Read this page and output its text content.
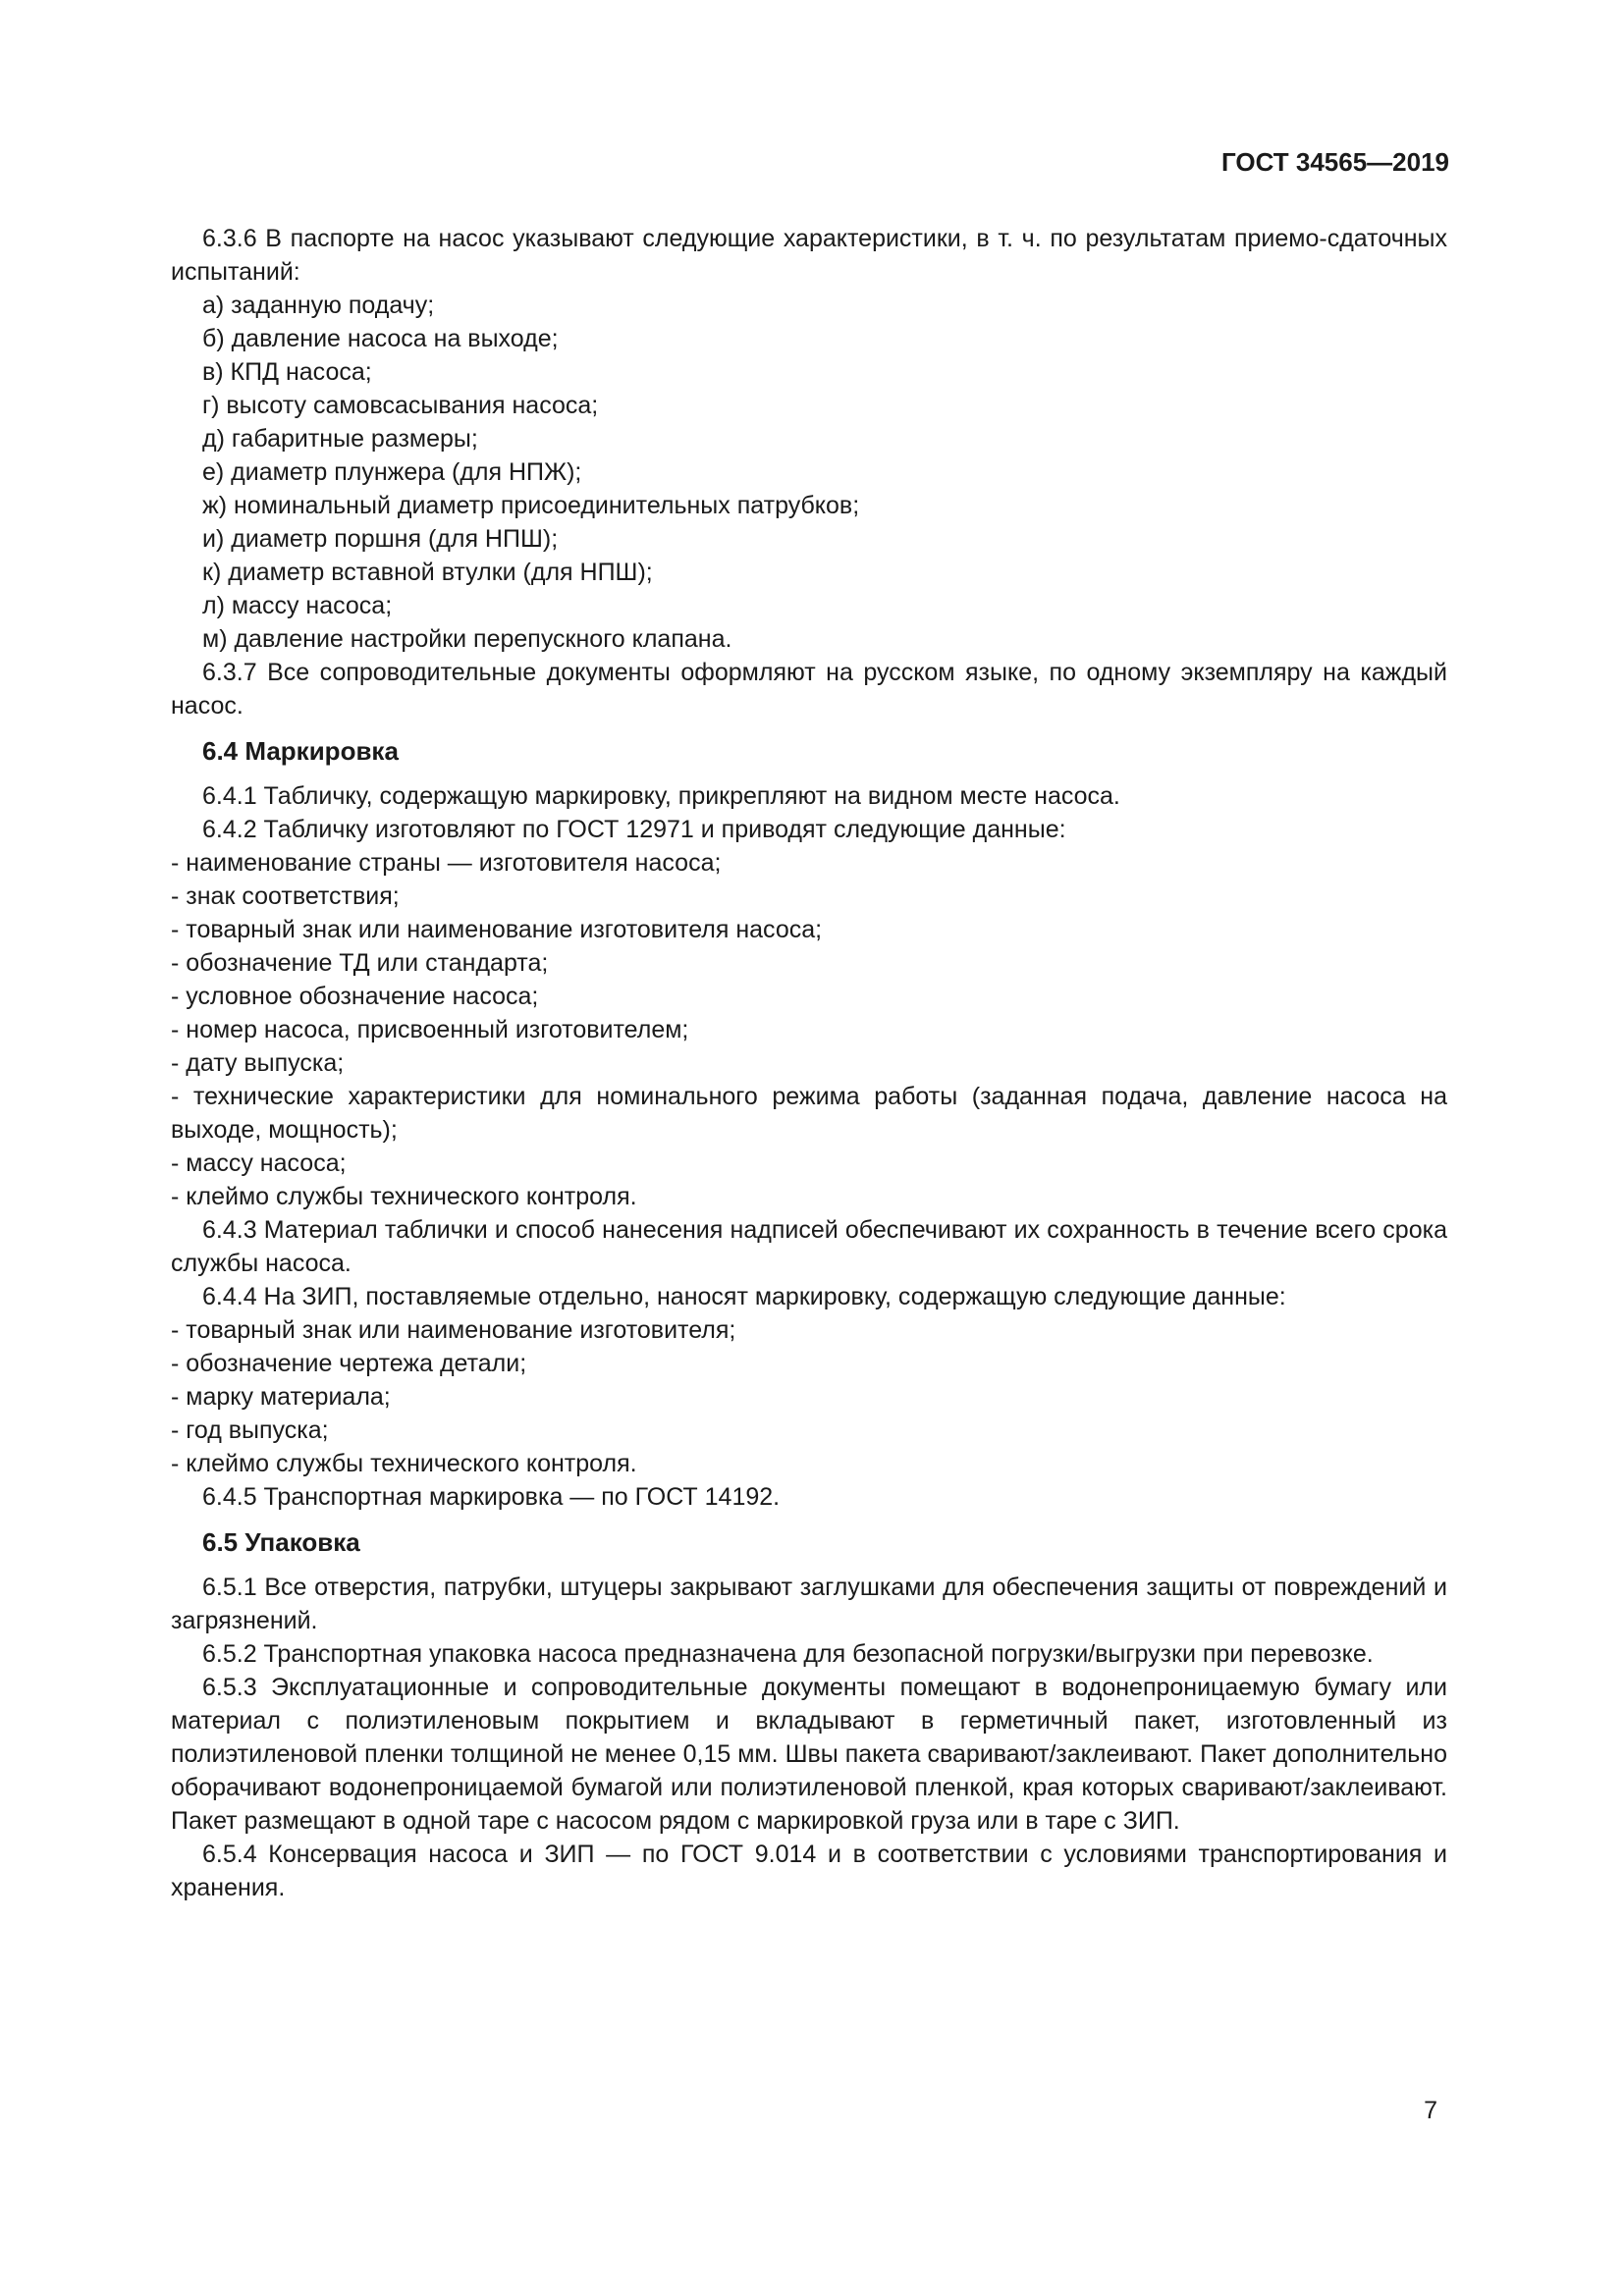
ГОСТ 34565—2019

6.3.6 В паспорте на насос указывают следующие характеристики, в т. ч. по результатам приемо-сдаточных испытаний:

а) заданную подачу;

б) давление насоса на выходе;

в) КПД насоса;

г) высоту самовсасывания насоса;

д) габаритные размеры;

е) диаметр плунжера (для НПЖ);

ж) номинальный диаметр присоединительных патрубков;

и) диаметр поршня (для НПШ);

к) диаметр вставной втулки (для НПШ);

л) массу насоса;

м) давление настройки перепускного клапана.

6.3.7 Все сопроводительные документы оформляют на русском языке, по одному экземпляру на каждый насос.

6.4 Маркировка

6.4.1 Табличку, содержащую маркировку, прикрепляют на видном месте насоса.

6.4.2 Табличку изготовляют по ГОСТ 12971 и приводят следующие данные:

- наименование страны — изготовителя насоса;

- знак соответствия;

- товарный знак или наименование изготовителя насоса;

- обозначение ТД или стандарта;

- условное обозначение насоса;

- номер насоса, присвоенный изготовителем;

- дату выпуска;

- технические характеристики для номинального режима работы (заданная подача, давление насоса на выходе, мощность);

- массу насоса;

- клеймо службы технического контроля.

6.4.3 Материал таблички и способ нанесения надписей обеспечивают их сохранность в течение всего срока службы насоса.

6.4.4 На ЗИП, поставляемые отдельно, наносят маркировку, содержащую следующие данные:

- товарный знак или наименование изготовителя;

- обозначение чертежа детали;

- марку материала;

- год выпуска;

- клеймо службы технического контроля.

6.4.5 Транспортная маркировка — по ГОСТ 14192.

6.5 Упаковка

6.5.1 Все отверстия, патрубки, штуцеры закрывают заглушками для обеспечения защиты от повреждений и загрязнений.

6.5.2 Транспортная упаковка насоса предназначена для безопасной погрузки/выгрузки при перевозке.

6.5.3 Эксплуатационные и сопроводительные документы помещают в водонепроницаемую бумагу или материал с полиэтиленовым покрытием и вкладывают в герметичный пакет, изготовленный из полиэтиленовой пленки толщиной не менее 0,15 мм. Швы пакета сваривают/заклеивают. Пакет дополнительно оборачивают водонепроницаемой бумагой или полиэтиленовой пленкой, края которых сваривают/заклеивают. Пакет размещают в одной таре с насосом рядом с маркировкой груза или в таре с ЗИП.

6.5.4 Консервация насоса и ЗИП — по ГОСТ 9.014 и в соответствии с условиями транспортирования и хранения.

7
